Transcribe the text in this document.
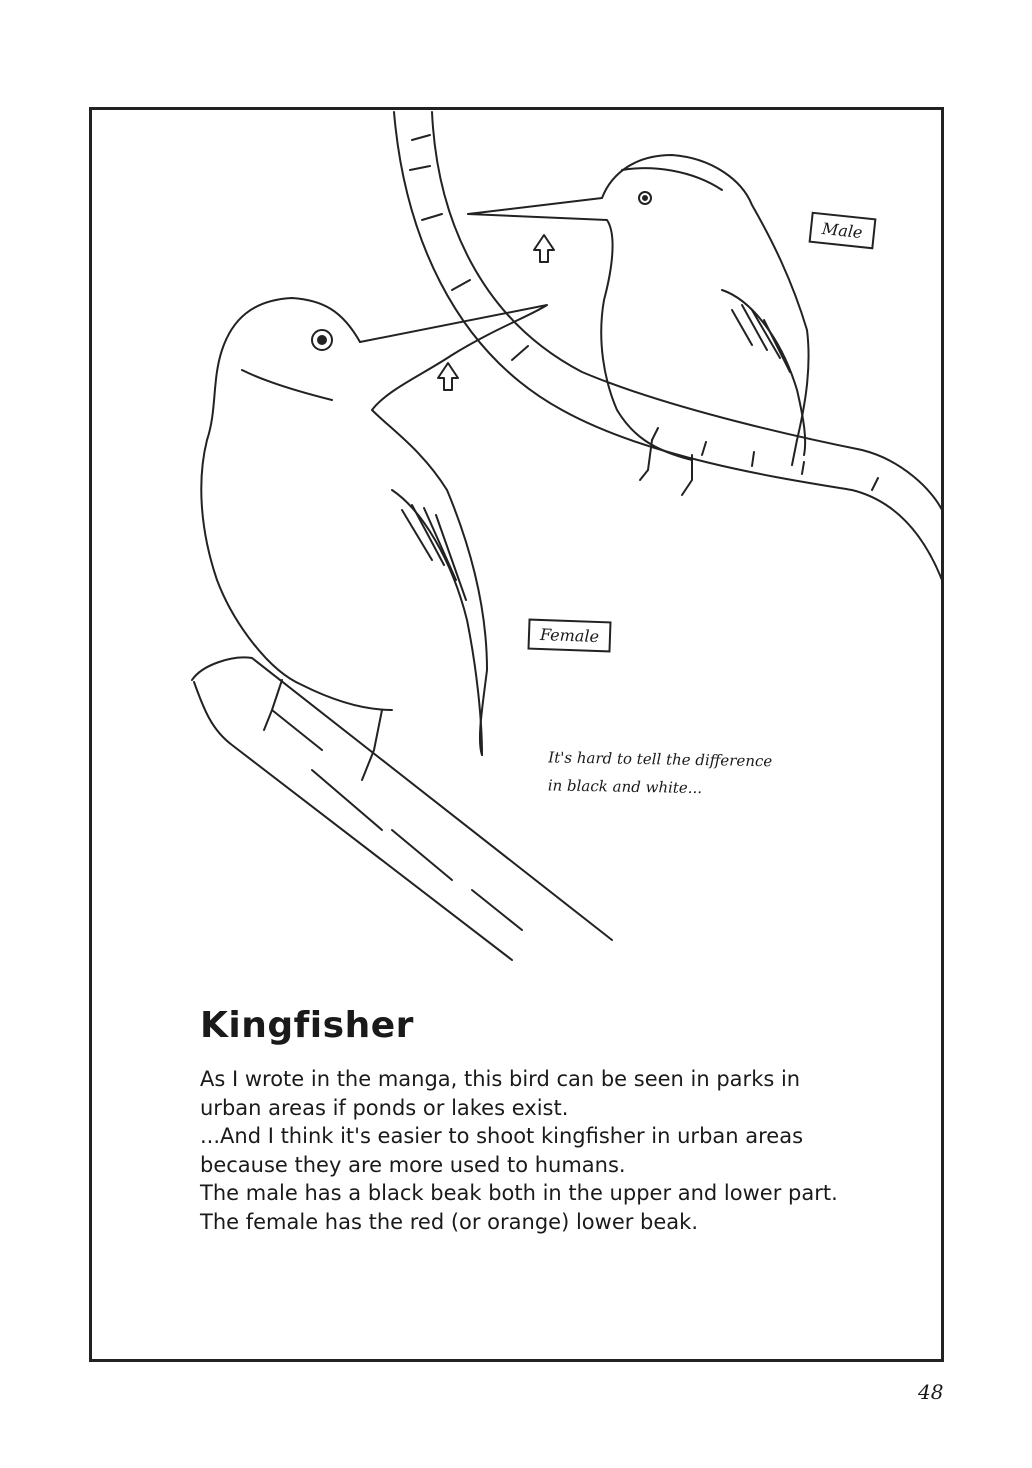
Male
Female
It's hard to tell the difference
in black and white...
Kingfisher
As I wrote in the manga, this bird can be seen in parks in
urban areas if ponds or lakes exist.
...And I think it's easier to shoot kingfisher in urban areas
because they are more used to humans.
The male has a black beak both in the upper and lower part.
The female has the red (or orange) lower beak.
48
